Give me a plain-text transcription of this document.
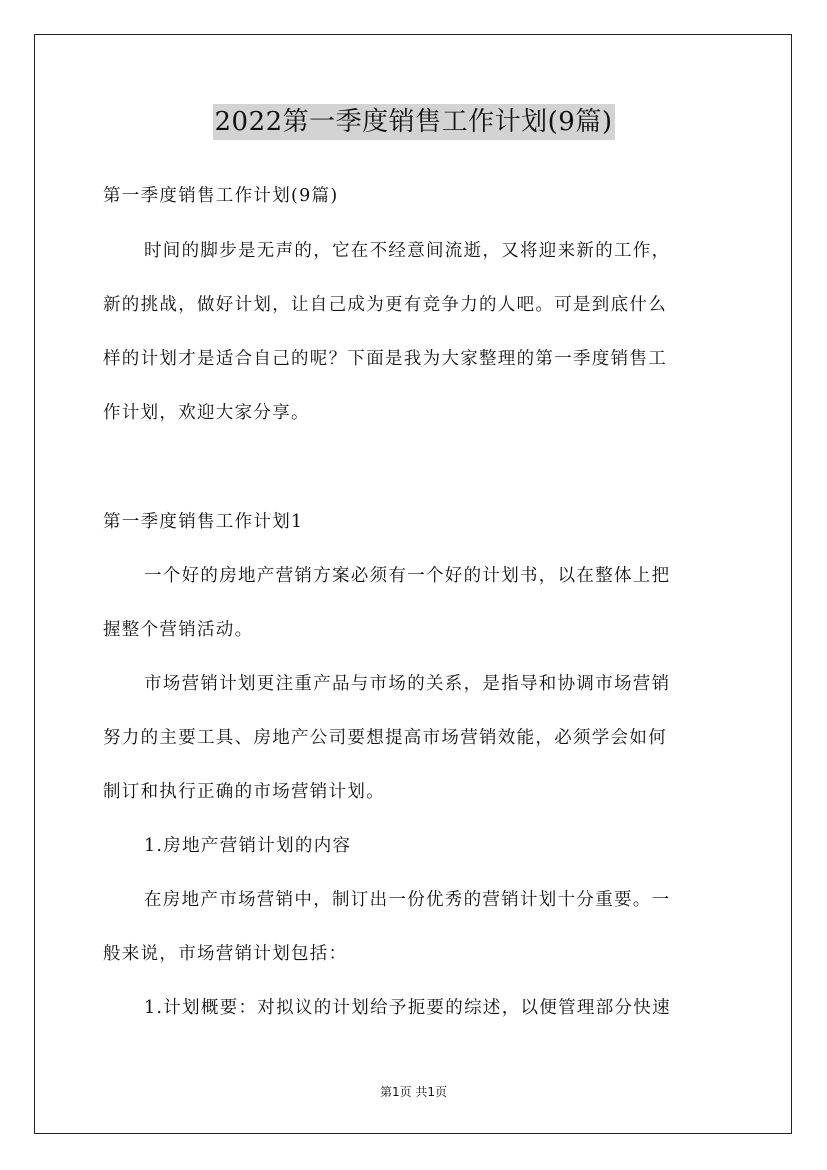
2022第一季度销售工作计划(9篇)
第一季度销售工作计划(9篇)
时间的脚步是无声的，它在不经意间流逝，又将迎来新的工作，
新的挑战，做好计划，让自己成为更有竞争力的人吧。可是到底什么
样的计划才是适合自己的呢？下面是我为大家整理的第一季度销售工
作计划，欢迎大家分享。
第一季度销售工作计划1
一个好的房地产营销方案必须有一个好的计划书，以在整体上把
握整个营销活动。
市场营销计划更注重产品与市场的关系，是指导和协调市场营销
努力的主要工具、房地产公司要想提高市场营销效能，必须学会如何
制订和执行正确的市场营销计划。
1.房地产营销计划的内容
在房地产市场营销中，制订出一份优秀的营销计划十分重要。一
般来说，市场营销计划包括：
1.计划概要：对拟议的计划给予扼要的综述，以便管理部分快速
第1页 共1页
